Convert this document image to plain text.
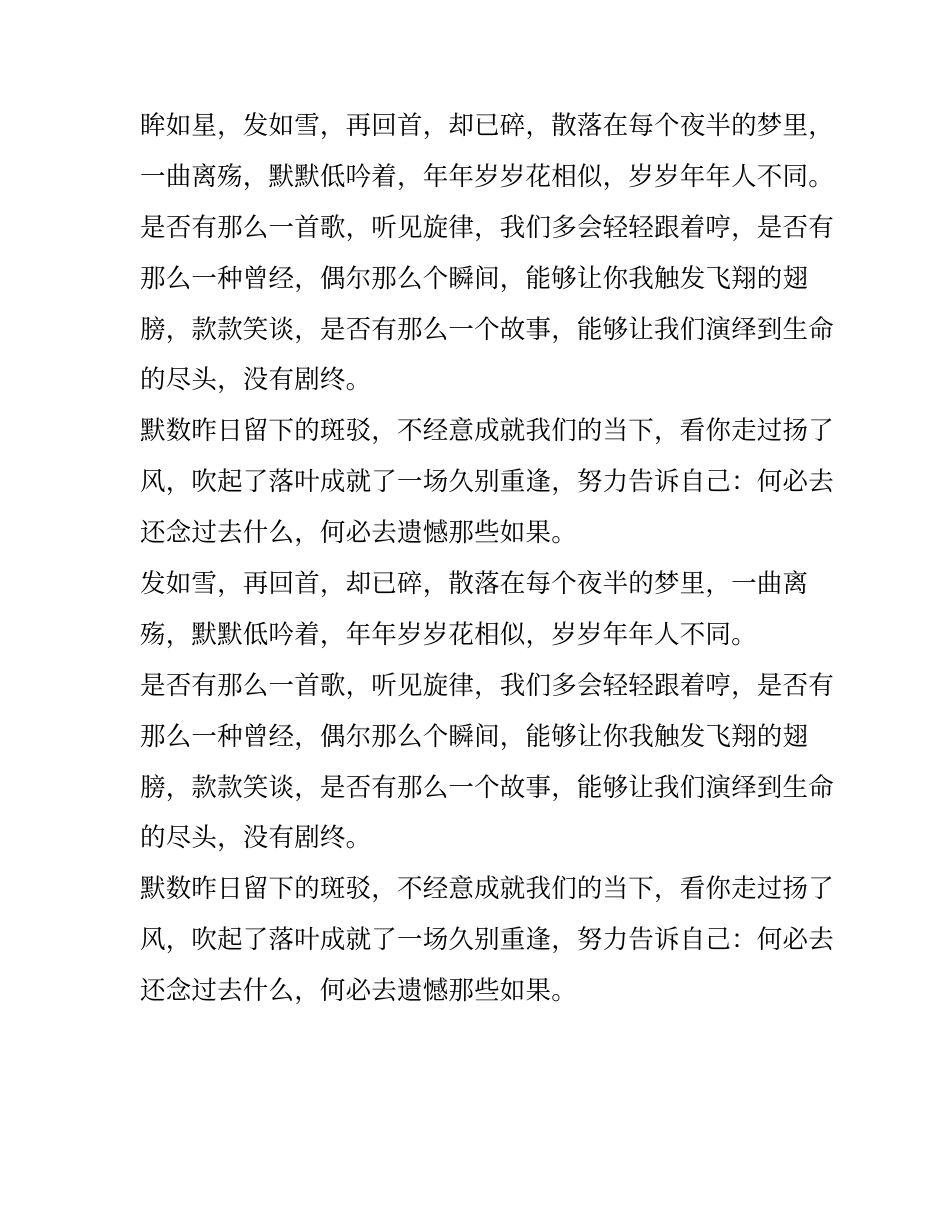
眸如星，发如雪，再回首，却已碎，散落在每个夜半的梦里，
一曲离殇，默默低吟着，年年岁岁花相似，岁岁年年人不同。

是否有那么一首歌，听见旋律，我们多会轻轻跟着哼，是否有
那么一种曾经，偶尔那么个瞬间，能够让你我触发飞翔的翅
膀，款款笑谈，是否有那么一个故事，能够让我们演绎到生命
的尽头，没有剧终。

默数昨日留下的斑驳，不经意成就我们的当下，看你走过扬了
风，吹起了落叶成就了一场久别重逢，努力告诉自己：何必去
还念过去什么，何必去遗憾那些如果。

发如雪，再回首，却已碎，散落在每个夜半的梦里，一曲离
殇，默默低吟着，年年岁岁花相似，岁岁年年人不同。

是否有那么一首歌，听见旋律，我们多会轻轻跟着哼，是否有
那么一种曾经，偶尔那么个瞬间，能够让你我触发飞翔的翅
膀，款款笑谈，是否有那么一个故事，能够让我们演绎到生命
的尽头，没有剧终。

默数昨日留下的斑驳，不经意成就我们的当下，看你走过扬了
风，吹起了落叶成就了一场久别重逢，努力告诉自己：何必去
还念过去什么，何必去遗憾那些如果。
